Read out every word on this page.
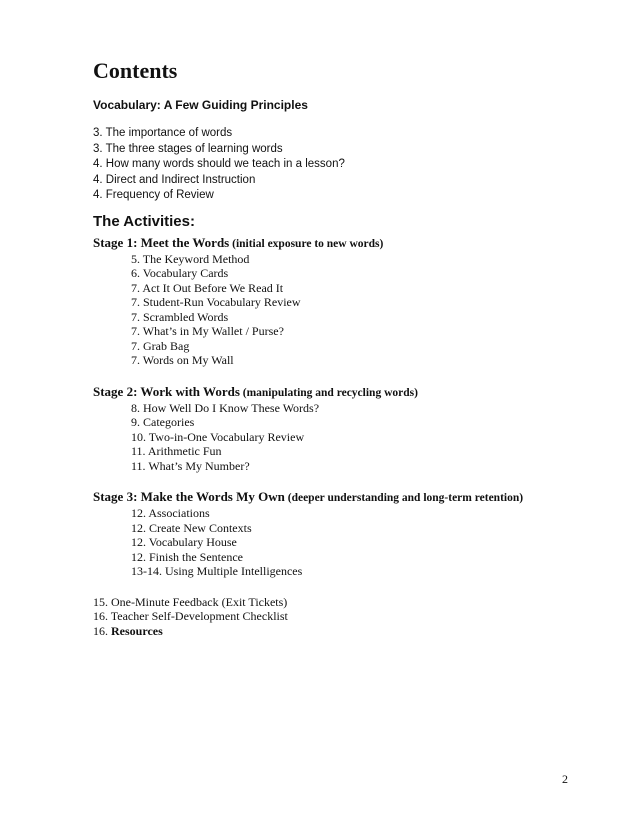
Contents
Vocabulary: A Few Guiding Principles
3. The importance of words
3. The three stages of learning words
4. How many words should we teach in a lesson?
4. Direct and Indirect Instruction
4. Frequency of Review
The Activities:
Stage 1: Meet the Words (initial exposure to new words)
5. The Keyword Method
6. Vocabulary Cards
7. Act It Out Before We Read It
7. Student-Run Vocabulary Review
7. Scrambled Words
7. What’s in My Wallet / Purse?
7. Grab Bag
7. Words on My Wall
Stage 2: Work with Words (manipulating and recycling words)
8. How Well Do I Know These Words?
9. Categories
10. Two-in-One Vocabulary Review
11. Arithmetic Fun
11. What’s My Number?
Stage 3: Make the Words My Own (deeper understanding and long-term retention)
12. Associations
12. Create New Contexts
12. Vocabulary House
12. Finish the Sentence
13-14. Using Multiple Intelligences
15. One-Minute Feedback (Exit Tickets)
16. Teacher Self-Development Checklist
16. Resources
2
